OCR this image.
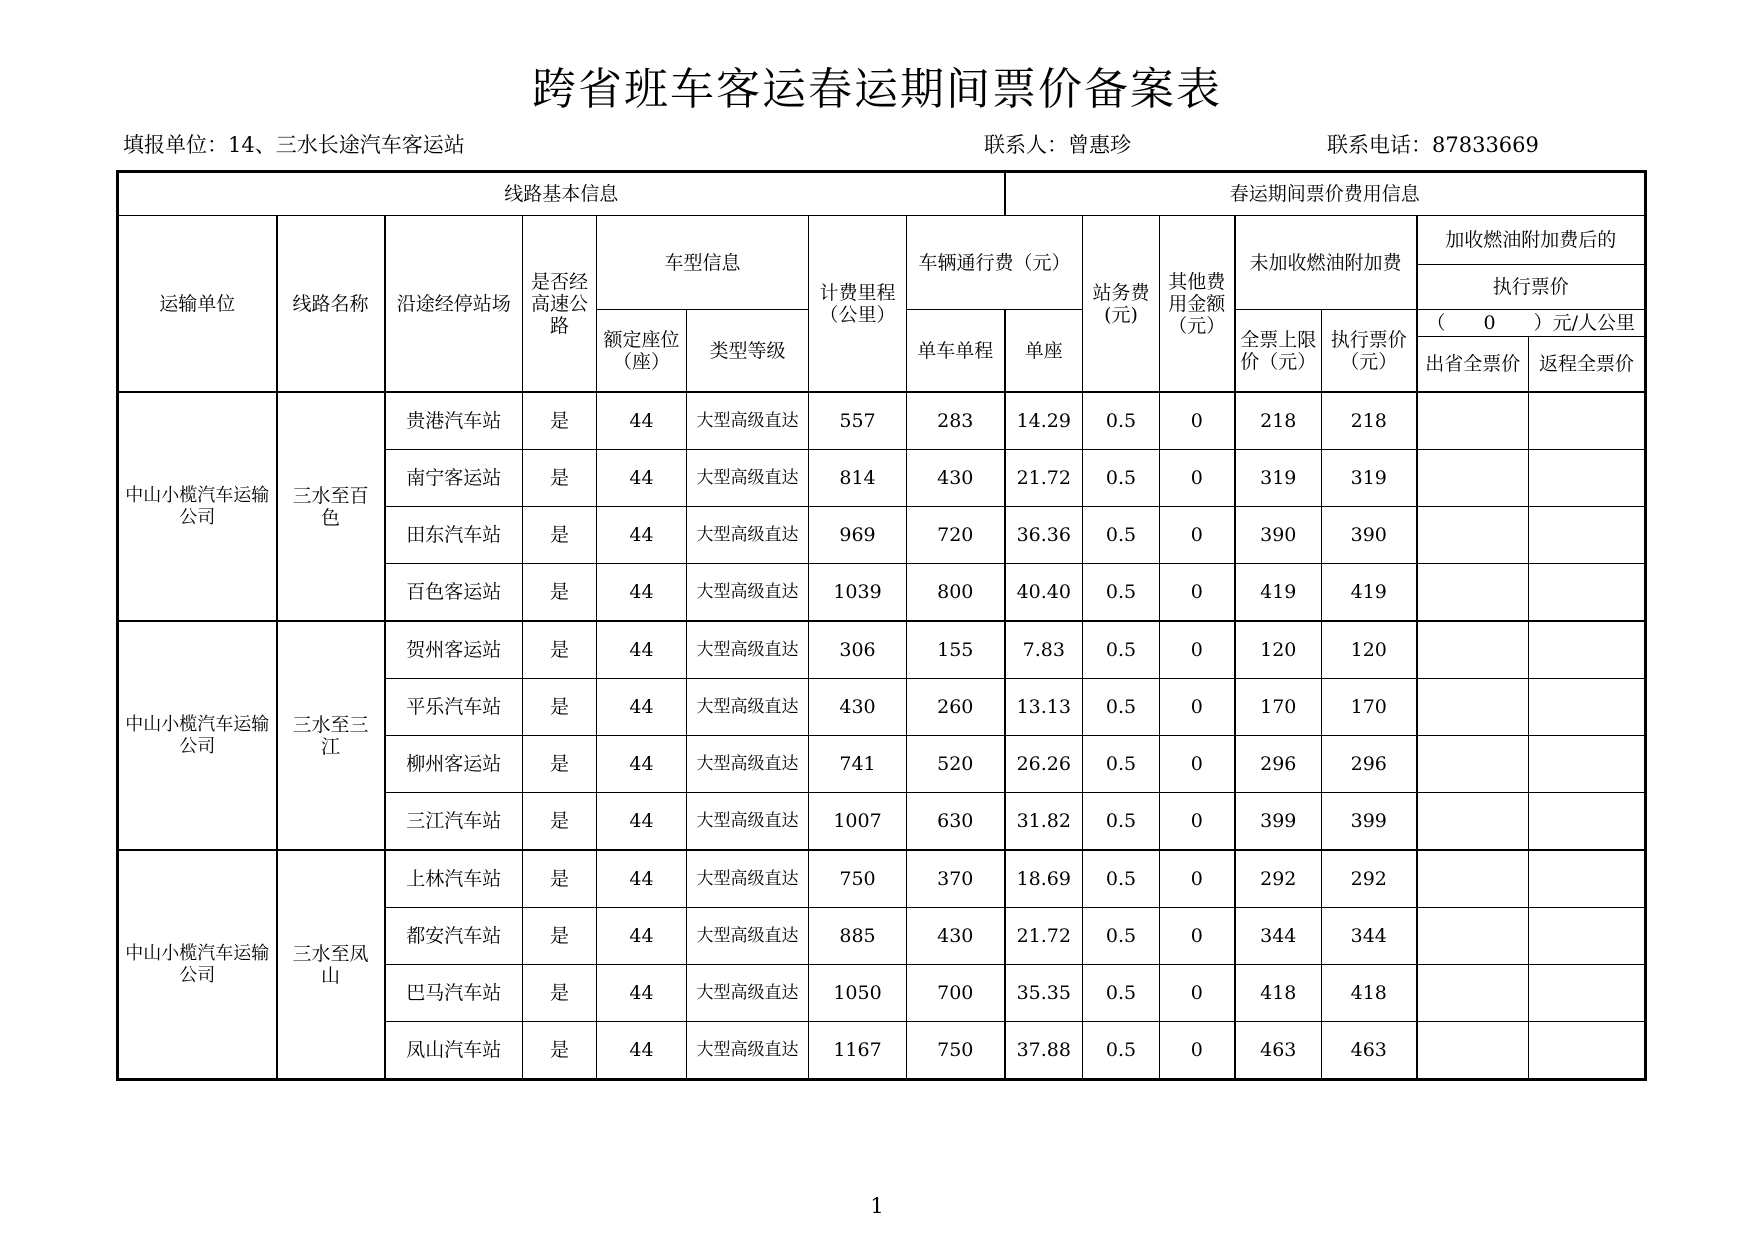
跨省班车客运春运期间票价备案表
填报单位：14、三水长途汽车客运站	联系人：曾惠珍	联系电话：87833669
线路基本信息								春运期间票价费用信息						
运输单位	线路名称	沿途经停站场	是否经高速公路	车型信息		计费里程（公里）	车辆通行费（元）		站务费(元)	其他费用金额（元）	未加收燃油附加费		加收燃油附加费后的	
													执行票价	
				额定座位（座）	类型等级		单车单程	单座			全票上限价（元）	执行票价（元）	（　　0　　）元/人公里	
													出省全票价	返程全票价
中山小榄汽车运输公司	三水至百色	贵港汽车站	是	44	大型高级直达	557	283	14.29	0.5	0	218	218		
		南宁客运站	是	44	大型高级直达	814	430	21.72	0.5	0	319	319		
		田东汽车站	是	44	大型高级直达	969	720	36.36	0.5	0	390	390		
		百色客运站	是	44	大型高级直达	1039	800	40.40	0.5	0	419	419		
中山小榄汽车运输公司	三水至三江	贺州客运站	是	44	大型高级直达	306	155	7.83	0.5	0	120	120		
		平乐汽车站	是	44	大型高级直达	430	260	13.13	0.5	0	170	170		
		柳州客运站	是	44	大型高级直达	741	520	26.26	0.5	0	296	296		
		三江汽车站	是	44	大型高级直达	1007	630	31.82	0.5	0	399	399		
中山小榄汽车运输公司	三水至凤山	上林汽车站	是	44	大型高级直达	750	370	18.69	0.5	0	292	292		
		都安汽车站	是	44	大型高级直达	885	430	21.72	0.5	0	344	344		
		巴马汽车站	是	44	大型高级直达	1050	700	35.35	0.5	0	418	418		
		凤山汽车站	是	44	大型高级直达	1167	750	37.88	0.5	0	463	463		
1
